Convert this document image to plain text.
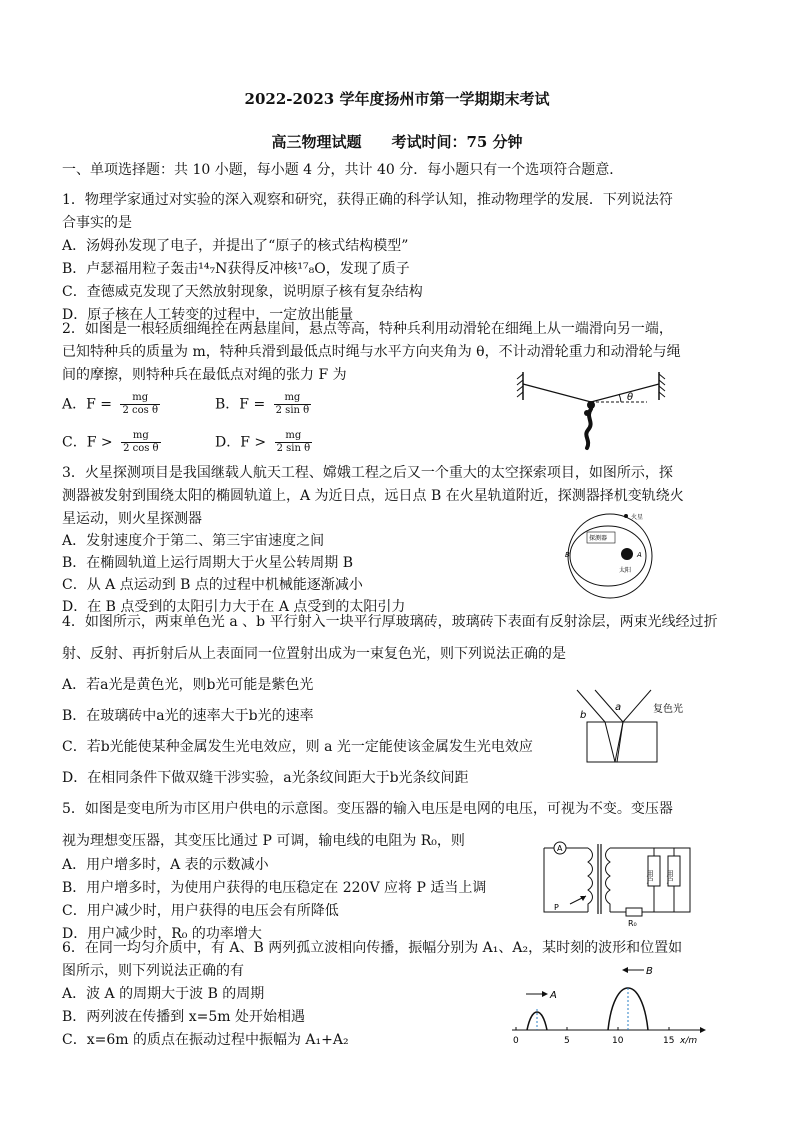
2022-2023 学年度扬州市第一学期期末考试
高三物理试题　　考试时间：75 分钟
一、单项选择题：共 10 小题，每小题 4 分，共计 40 分．每小题只有一个选项符合题意．
1．物理学家通过对实验的深入观察和研究，获得正确的科学认知，推动物理学的发展．下列说法符
合事实的是
A．汤姆孙发现了电子，并提出了“原子的核式结构模型”
B．卢瑟福用粒子轰击¹⁴₇N获得反冲核¹⁷₈O，发现了质子
C．查德威克发现了天然放射现象，说明原子核有复杂结构
D．原子核在人工转变的过程中，一定放出能量
2．如图是一根轻质细绳拴在两悬崖间，悬点等高，特种兵利用动滑轮在细绳上从一端滑向另一端，
已知特种兵的质量为 m，特种兵滑到最低点时绳与水平方向夹角为 θ，不计动滑轮重力和动滑轮与绳
间的摩擦，则特种兵在最低点对绳的张力 F 为
A．$F = \frac{mg}{\text{2 cos θ}}$	B．$F = \frac{mg}{\text{2 sin θ}}$
C．$F > \frac{mg}{\text{2 cos θ}}$	D．$F > \frac{mg}{\text{2 sin θ}}$
θ
3．火星探测项目是我国继载人航天工程、嫦娥工程之后又一个重大的太空探索项目，如图所示，探
测器被发射到围绕太阳的椭圆轨道上，A 为近日点，远日点 B 在火星轨道附近，探测器择机变轨绕火
星运动，则火星探测器
A．发射速度介于第二、第三宇宙速度之间
B．在椭圆轨道上运行周期大于火星公转周期 B
C．从 A 点运动到 B 点的过程中机械能逐渐减小
D．在 B 点受到的太阳引力大于在 A 点受到的太阳引力
火星
探测器
太阳
A
B
4．如图所示，两束单色光 a 、b 平行射入一块平行厚玻璃砖，玻璃砖下表面有反射涂层，两束光线经过折
射、反射、再折射后从上表面同一位置射出成为一束复色光，则下列说法正确的是
A．若a光是黄色光，则b光可能是紫色光
B．在玻璃砖中a光的速率大于b光的速率
C．若b光能使某种金属发生光电效应，则 a 光一定能使该金属发生光电效应
D．在相同条件下做双缝干涉实验，a光条纹间距大于b光条纹间距
b
a	复色光
5．如图是变电所为市区用户供电的示意图。变压器的输入电压是电网的电压，可视为不变。变压器
视为理想变压器，其变压比通过 P 可调，输电线的电阻为 R₀，则
A．用户增多时，A 表的示数减小
B．用户增多时，为使用户获得的电压稳定在 220V 应将 P 适当上调
C．用户减少时，用户获得的电压会有所降低
D．用户减少时，R₀ 的功率增大
A
P
用户 用户
R₀
6．在同一均匀介质中，有 A、B 两列孤立波相向传播，振幅分别为 A₁、A₂，某时刻的波形和位置如
图所示，则下列说法正确的有
A．波 A 的周期大于波 B 的周期
B．两列波在传播到 x=5m 处开始相遇
C．x=6m 的质点在振动过程中振幅为 A₁+A₂
A
B
0	5	10	15 x/m
